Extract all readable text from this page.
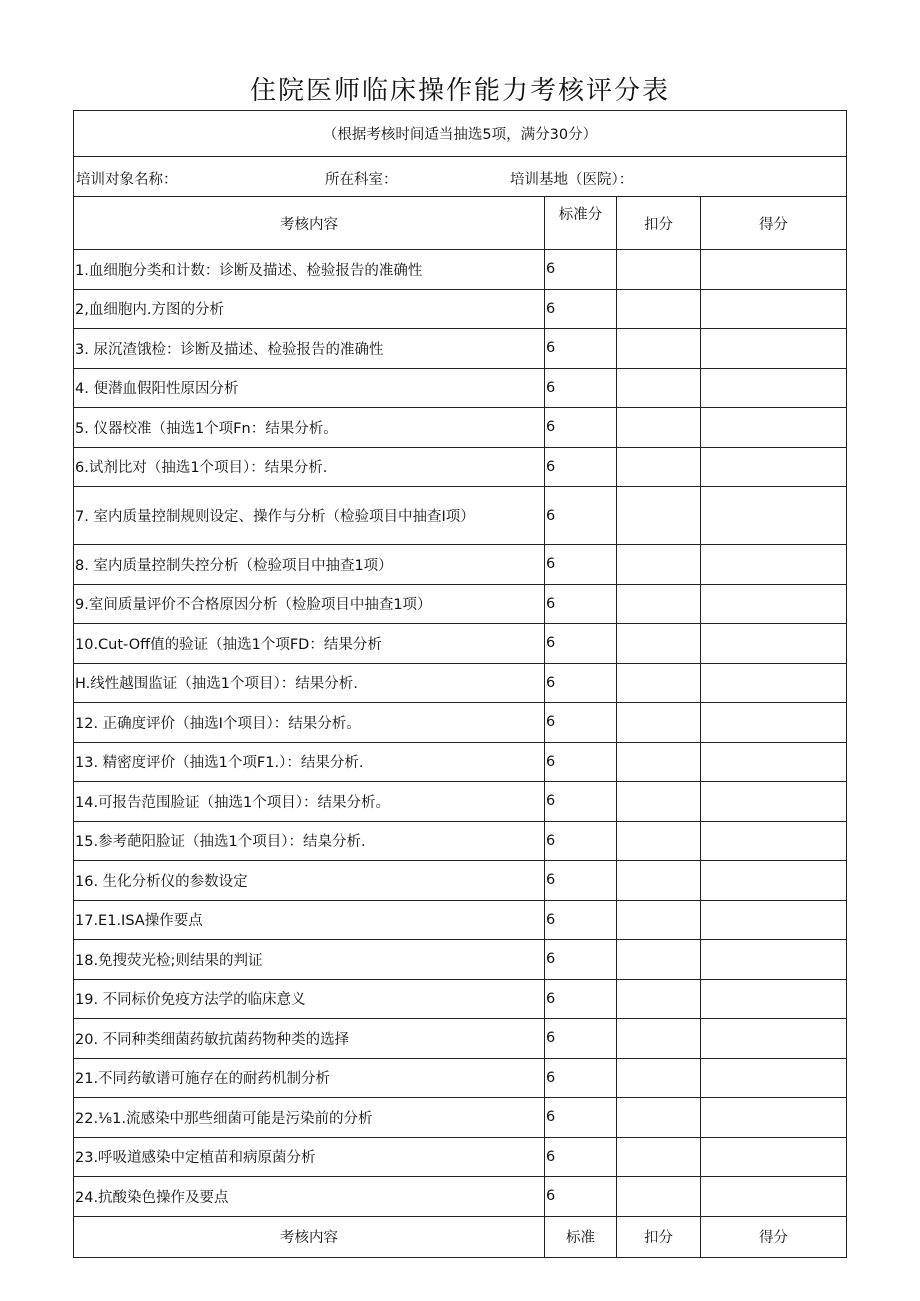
住院医师临床操作能力考核评分表
（根据考核时间适当抽选5项，满分30分）			

培训对象名称： 所在科室： 培训基地（医院）：			

考核内容	标准分	扣分	得分
1.血细胞分类和计数：诊断及描述、检验报告的准确性	6		
2,血细胞内.方图的分析	6		
3. 尿沉渣饿检：诊断及描述、检验报告的准确性	6		
4. 便潜血假阳性原因分析	6		
5. 仪器校准（抽选1个项Fn：结果分析。	6		
6.试剂比对（抽选1个项目）：结果分析.	6		
7. 室内质量控制规则设定、操作与分析（检验项目中抽查I项）	6		
8. 室内质量控制失控分析（检验项目中抽查1项）	6		
9.室间质量评价不合格原因分析（检脸项目中抽查1项）	6		
10.Cut-Off值的验证（抽选1个项FD：结果分析	6		
H.线性越围监证（抽选1个项目）：结果分析.	6		
12. 正确度评价（抽选I个项目）：结果分析。	6		
13. 精密度评价（抽选1个项F1.）：结果分析.	6		
14.可报告范围脸证（抽选1个项目）：结果分析。	6		
15.参考葩阳脸证（抽选1个项目）：结臬分析.	6		
16. 生化分析仪的参数设定	6		
17.E1.ISA操作要点	6		
18.免搜荧光检;则结果的判证	6		
19. 不同标价免疫方法学的临床意义	6		
20. 不同种类细菌药敏抗菌药物种类的选择	6		
21.不同药敏谱可施存在的耐药机制分析	6		
22.⅛1.流感染中那些细菌可能是污染前的分析	6		
23.呼吸道感染中定植苗和病原菌分析	6		
24.抗酸染色操作及要点	6		
考核内容	标准	扣分	得分
